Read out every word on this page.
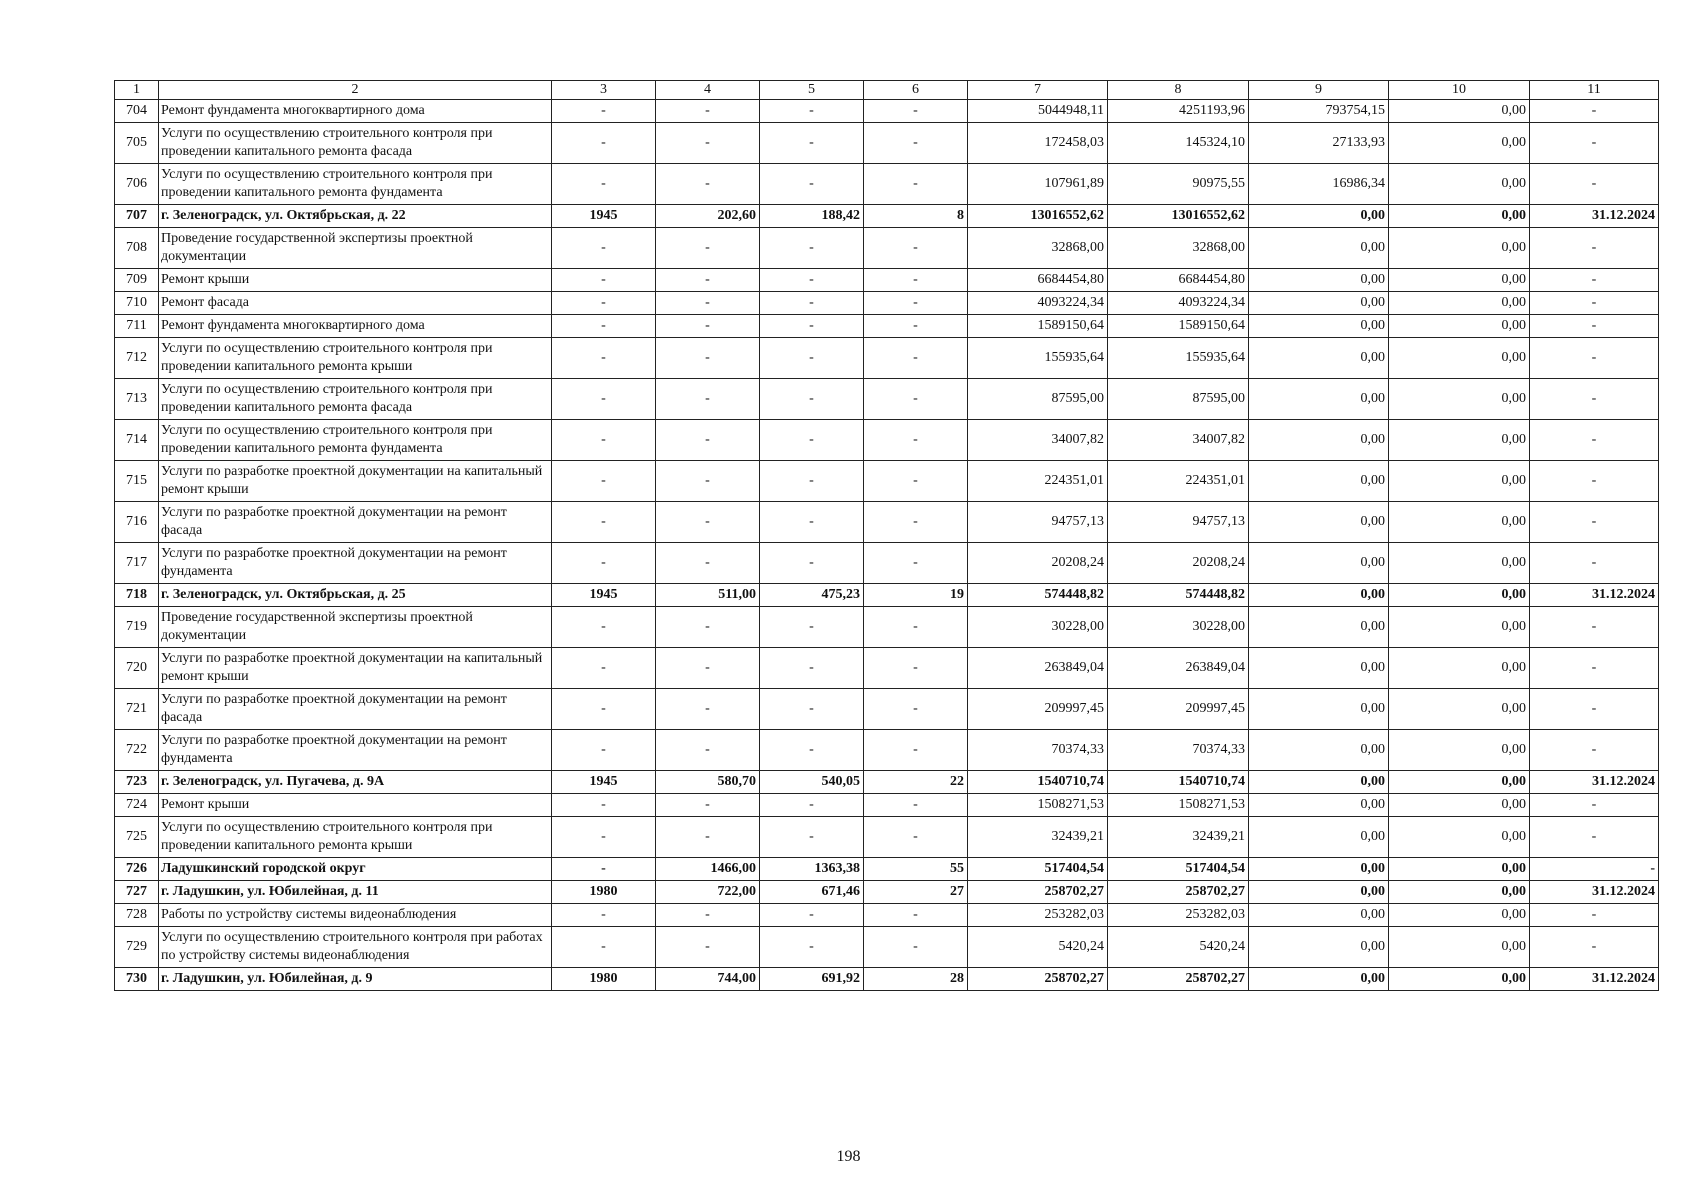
1	2	3	4	5	6	7	8	9	10	11
704	Ремонт фундамента многоквартирного дома	-	-	-	-	5044948,11	4251193,96	793754,15	0,00	-
705	Услуги по осуществлению строительного контроля при проведении капитального ремонта фасада	-	-	-	-	172458,03	145324,10	27133,93	0,00	-
706	Услуги по осуществлению строительного контроля при проведении капитального ремонта фундамента	-	-	-	-	107961,89	90975,55	16986,34	0,00	-
707	г. Зеленоградск, ул. Октябрьская, д. 22	1945	202,60	188,42	8	13016552,62	13016552,62	0,00	0,00	31.12.2024
708	Проведение государственной экспертизы проектной документации	-	-	-	-	32868,00	32868,00	0,00	0,00	-
709	Ремонт крыши	-	-	-	-	6684454,80	6684454,80	0,00	0,00	-
710	Ремонт фасада	-	-	-	-	4093224,34	4093224,34	0,00	0,00	-
711	Ремонт фундамента многоквартирного дома	-	-	-	-	1589150,64	1589150,64	0,00	0,00	-
712	Услуги по осуществлению строительного контроля при проведении капитального ремонта крыши	-	-	-	-	155935,64	155935,64	0,00	0,00	-
713	Услуги по осуществлению строительного контроля при проведении капитального ремонта фасада	-	-	-	-	87595,00	87595,00	0,00	0,00	-
714	Услуги по осуществлению строительного контроля при проведении капитального ремонта фундамента	-	-	-	-	34007,82	34007,82	0,00	0,00	-
715	Услуги по разработке проектной документации на капитальный ремонт крыши	-	-	-	-	224351,01	224351,01	0,00	0,00	-
716	Услуги по разработке проектной документации на ремонт фасада	-	-	-	-	94757,13	94757,13	0,00	0,00	-
717	Услуги по разработке проектной документации на ремонт фундамента	-	-	-	-	20208,24	20208,24	0,00	0,00	-
718	г. Зеленоградск, ул. Октябрьская, д. 25	1945	511,00	475,23	19	574448,82	574448,82	0,00	0,00	31.12.2024
719	Проведение государственной экспертизы проектной документации	-	-	-	-	30228,00	30228,00	0,00	0,00	-
720	Услуги по разработке проектной документации на капитальный ремонт крыши	-	-	-	-	263849,04	263849,04	0,00	0,00	-
721	Услуги по разработке проектной документации на ремонт фасада	-	-	-	-	209997,45	209997,45	0,00	0,00	-
722	Услуги по разработке проектной документации на ремонт фундамента	-	-	-	-	70374,33	70374,33	0,00	0,00	-
723	г. Зеленоградск, ул. Пугачева, д. 9А	1945	580,70	540,05	22	1540710,74	1540710,74	0,00	0,00	31.12.2024
724	Ремонт крыши	-	-	-	-	1508271,53	1508271,53	0,00	0,00	-
725	Услуги по осуществлению строительного контроля при проведении капитального ремонта крыши	-	-	-	-	32439,21	32439,21	0,00	0,00	-
726	Ладушкинский городской округ	-	1466,00	1363,38	55	517404,54	517404,54	0,00	0,00	-
727	г. Ладушкин, ул. Юбилейная, д. 11	1980	722,00	671,46	27	258702,27	258702,27	0,00	0,00	31.12.2024
728	Работы по устройству системы видеонаблюдения	-	-	-	-	253282,03	253282,03	0,00	0,00	-
729	Услуги по осуществлению строительного контроля при работах по устройству системы видеонаблюдения	-	-	-	-	5420,24	5420,24	0,00	0,00	-
730	г. Ладушкин, ул. Юбилейная, д. 9	1980	744,00	691,92	28	258702,27	258702,27	0,00	0,00	31.12.2024
198
